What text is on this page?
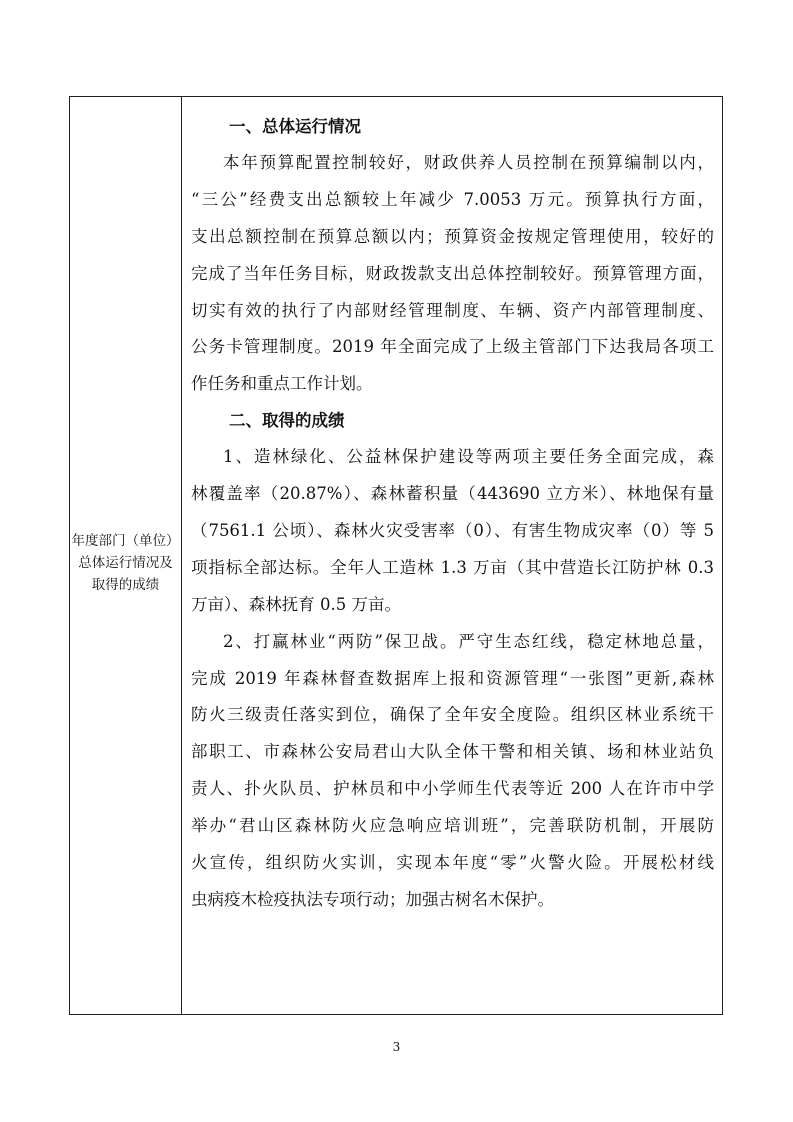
年度部门（单位）
总体运行情况及
取得的成绩
一、总体运行情况
本年预算配置控制较好，财政供养人员控制在预算编制以内，
“三公”经费支出总额较上年减少 7.0053 万元。预算执行方面，
支出总额控制在预算总额以内；预算资金按规定管理使用，较好的
完成了当年任务目标，财政拨款支出总体控制较好。预算管理方面，
切实有效的执行了内部财经管理制度、车辆、资产内部管理制度、
公务卡管理制度。2019 年全面完成了上级主管部门下达我局各项工
作任务和重点工作计划。
二、取得的成绩
1、造林绿化、公益林保护建设等两项主要任务全面完成，森
林覆盖率（20.87%）、森林蓄积量（443690 立方米）、林地保有量
（7561.1 公顷）、森林火灾受害率（0）、有害生物成灾率（0）等 5
项指标全部达标。全年人工造林 1.3 万亩（其中营造长江防护林 0.3
万亩）、森林抚育 0.5 万亩。
2、打赢林业“两防”保卫战。严守生态红线，稳定林地总量，
完成 2019 年森林督查数据库上报和资源管理“一张图”更新,森林
防火三级责任落实到位，确保了全年安全度险。组织区林业系统干
部职工、市森林公安局君山大队全体干警和相关镇、场和林业站负
责人、扑火队员、护林员和中小学师生代表等近 200 人在许市中学
举办“君山区森林防火应急响应培训班”，完善联防机制，开展防
火宣传，组织防火实训，实现本年度“零”火警火险。开展松材线
虫病疫木检疫执法专项行动；加强古树名木保护。
3
